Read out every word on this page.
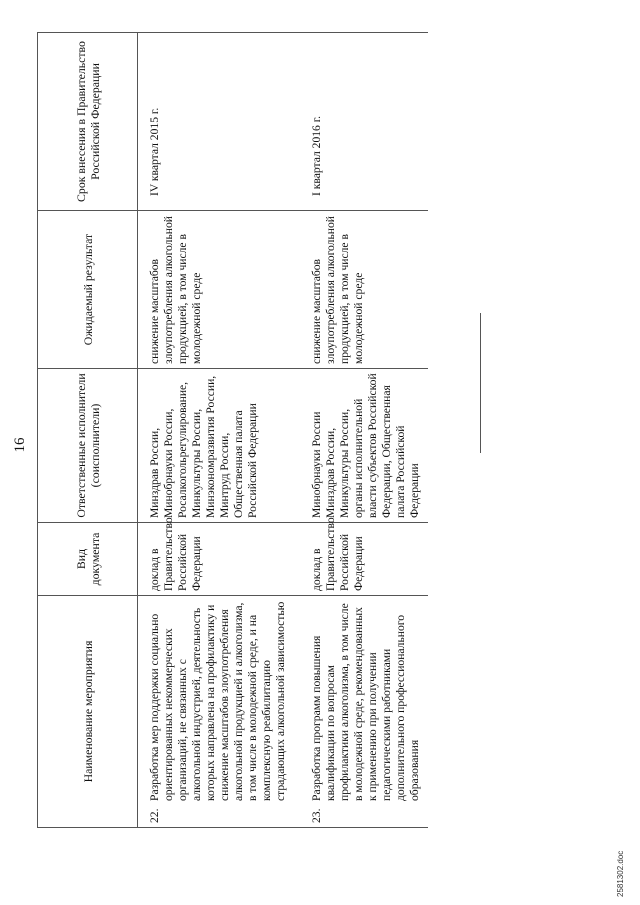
16
Наименование мероприятия	Вид документа	Ответственные исполнители (соисполнители)	Ожидаемый результат	Срок внесения в Правительство Российской Федерации

22.
Разработка мер поддержки социально ориентированных некоммерческих организаций, не связанных с алкогольной индустрией, деятельность которых направлена на профилактику и снижение масштабов злоупотребления алкогольной продукцией и алкоголизма, в том числе в молодежной среде, и на комплексную реабилитацию страдающих алкогольной зависимостью	доклад в Правительство Российской Федерации	Минздрав России, Минобрнауки России, Росалкогольрегулирование, Минкультуры России, Минэкономразвития России, Минтруд России, Общественная палата Российской Федерации	снижение масштабов злоупотребления алкогольной продукцией, в том числе в молодежной среде	IV квартал 2015 г.

23.
Разработка программ повышения квалификации по вопросам профилактики алкоголизма, в том числе в молодежной среде, рекомендованных к применению при получении педагогическими работниками дополнительного профессионального образования	доклад в Правительство Российской Федерации	Минобрнауки России Минздрав России, Минкультуры России, органы исполнительной власти субъектов Российской Федерации, Общественная палата Российской Федерации	снижение масштабов злоупотребления алкогольной продукцией, в том числе в молодежной среде	I квартал 2016 г.
2581302.doc
